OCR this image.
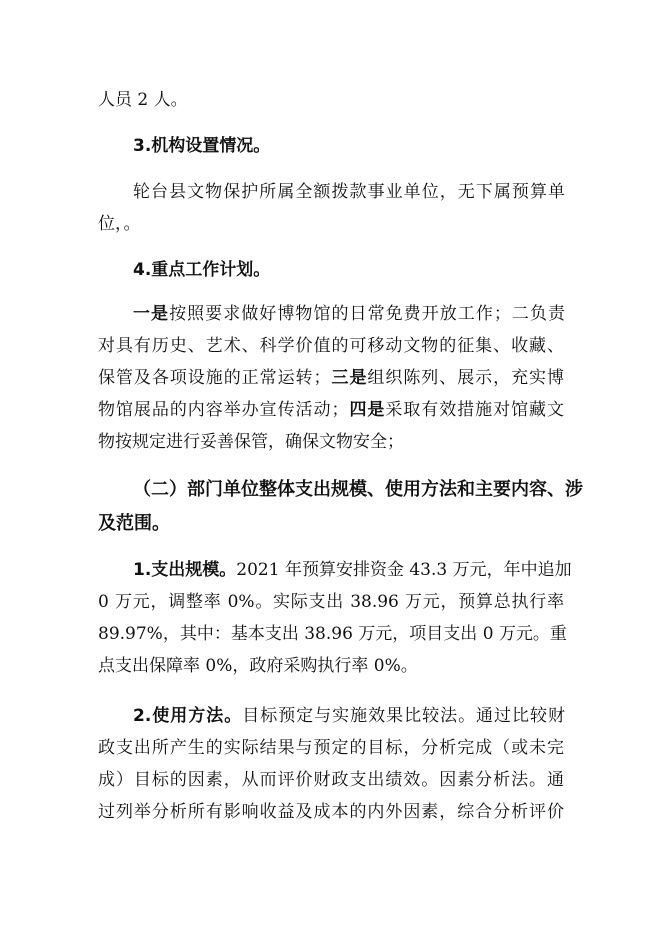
人员 2 人。
3.机构设置情况。
轮台县文物保护所属全额拨款事业单位，无下属预算单
位，。
4.重点工作计划。
一是按照要求做好博物馆的日常免费开放工作；二负责
对具有历史、艺术、科学价值的可移动文物的征集、收藏、
保管及各项设施的正常运转；三是组织陈列、展示，充实博
物馆展品的内容举办宣传活动；四是采取有效措施对馆藏文
物按规定进行妥善保管，确保文物安全；
（二）部门单位整体支出规模、使用方法和主要内容、涉
及范围。
1.支出规模。2021 年预算安排资金 43.3 万元，年中追加
0 万元，调整率 0%。实际支出 38.96 万元，预算总执行率
89.97%，其中：基本支出 38.96 万元，项目支出 0 万元。重
点支出保障率 0%，政府采购执行率 0%。
2.使用方法。目标预定与实施效果比较法。通过比较财
政支出所产生的实际结果与预定的目标，分析完成（或未完
成）目标的因素，从而评价财政支出绩效。因素分析法。通
过列举分析所有影响收益及成本的内外因素，综合分析评价
